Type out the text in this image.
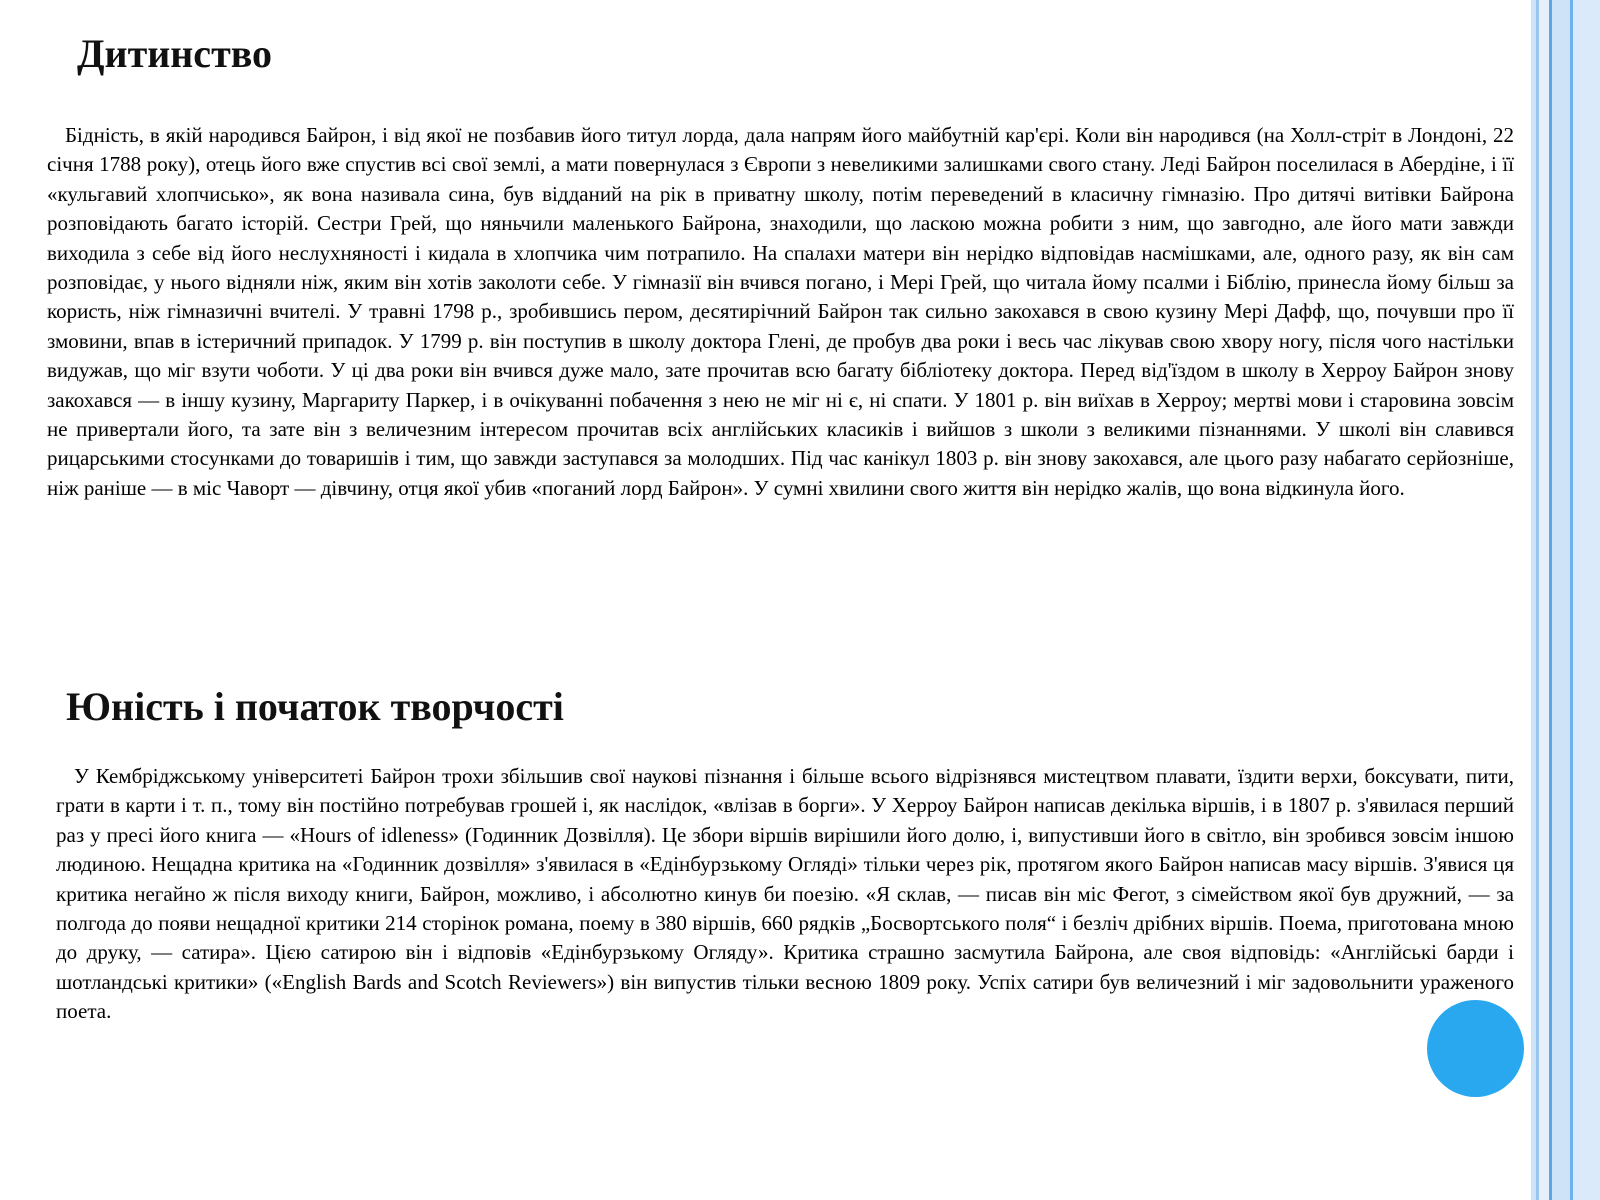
Дитинство

Бідність, в якій народився Байрон, і від якої не позбавив його титул лорда, дала напрям його майбутній кар'єрі. Коли він народився (на Холл-стріт в Лондоні, 22 січня 1788 року), отець його вже спустив всі свої землі, а мати повернулася з Європи з невеликими залишками свого стану. Леді Байрон поселилася в Абердіне, і її «кульгавий хлопчисько», як вона називала сина, був відданий на рік в приватну школу, потім переведений в класичну гімназію. Про дитячі витівки Байрона розповідають багато історій. Сестри Грей, що няньчили маленького Байрона, знаходили, що ласкою можна робити з ним, що завгодно, але його мати завжди виходила з себе від його неслухняності і кидала в хлопчика чим потрапило. На спалахи матери він нерідко відповідав насмішками, але, одного разу, як він сам розповідає, у нього відняли ніж, яким він хотів заколоти себе. У гімназії він вчився погано, і Мері Грей, що читала йому псалми і Біблію, принесла йому більш за користь, ніж гімназичні вчителі. У травні 1798 р., зробившись пером, десятирічний Байрон так сильно закохався в свою кузину Мері Дафф, що, почувши про її змовини, впав в істеричний припадок. У 1799 р. він поступив в школу доктора Глені, де пробув два роки і весь час лікував свою хвору ногу, після чого настільки видужав, що міг взути чоботи. У ці два роки він вчився дуже мало, зате прочитав всю багату бібліотеку доктора. Перед від'їздом в школу в Херроу Байрон знову закохався — в іншу кузину, Маргариту Паркер, і в очікуванні побачення з нею не міг ні є, ні спати. У 1801 р. він виїхав в Херроу; мертві мови і старовина зовсім не привертали його, та зате він з величезним інтересом прочитав всіх англійських класиків і вийшов з школи з великими пізнаннями. У школі він славився рицарськими стосунками до товаришів і тим, що завжди заступався за молодших. Під час канікул 1803 р. він знову закохався, але цього разу набагато серйозніше, ніж раніше — в міс Чаворт — дівчину, отця якої убив «поганий лорд Байрон». У сумні хвилини свого життя він нерідко жалів, що вона відкинула його.

Юність і початок творчості

У Кембріджському університеті Байрон трохи збільшив свої наукові пізнання і більше всього відрізнявся мистецтвом плавати, їздити верхи, боксувати, пити, грати в карти і т. п., тому він постійно потребував грошей і, як наслідок, «влізав в борги». У Херроу Байрон написав декілька віршів, і в 1807 р. з'явилася перший раз у пресі його книга — «Hours of idleness» (Годинник Дозвілля). Це збори віршів вирішили його долю, і, випустивши його в світло, він зробився зовсім іншою людиною. Нещадна критика на «Годинник дозвілля» з'явилася в «Едінбурзькому Огляді» тільки через рік, протягом якого Байрон написав масу віршів. З'явися ця критика негайно ж після виходу книги, Байрон, можливо, і абсолютно кинув би поезію. «Я склав, — писав він міс Фегот, з сімейством якої був дружний, — за полгода до появи нещадної критики 214 сторінок романа, поему в 380 віршів, 660 рядків „Босвортського поля“ і безліч дрібних віршів. Поема, приготована мною до друку, — сатира». Цією сатирою він і відповів «Едінбурзькому Огляду». Критика страшно засмутила Байрона, але своя відповідь: «Англійські барди і шотландські критики» («English Bards and Scotch Reviewers») він випустив тільки весною 1809 року. Успіх сатири був величезний і міг задовольнити ураженого поета.
